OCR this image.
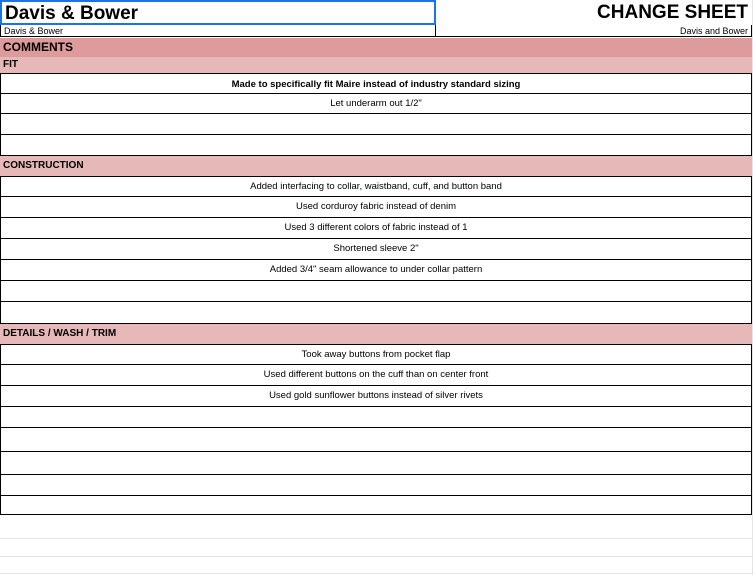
Davis & Bower	CHANGE SHEET
Davis & Bower	Davis and Bower
COMMENTS
FIT
Made to specifically fit Maire instead of industry standard sizing
Let underarm out 1/2"
CONSTRUCTION
Added interfacing to collar, waistband, cuff, and button band
Used corduroy fabric instead of denim
Used 3 different colors of fabric instead of 1
Shortened sleeve 2"
Added 3/4" seam allowance to under collar pattern
DETAILS / WASH / TRIM
Took away buttons from pocket flap
Used different buttons on the cuff than on center front
Used gold sunflower buttons instead of silver rivets
